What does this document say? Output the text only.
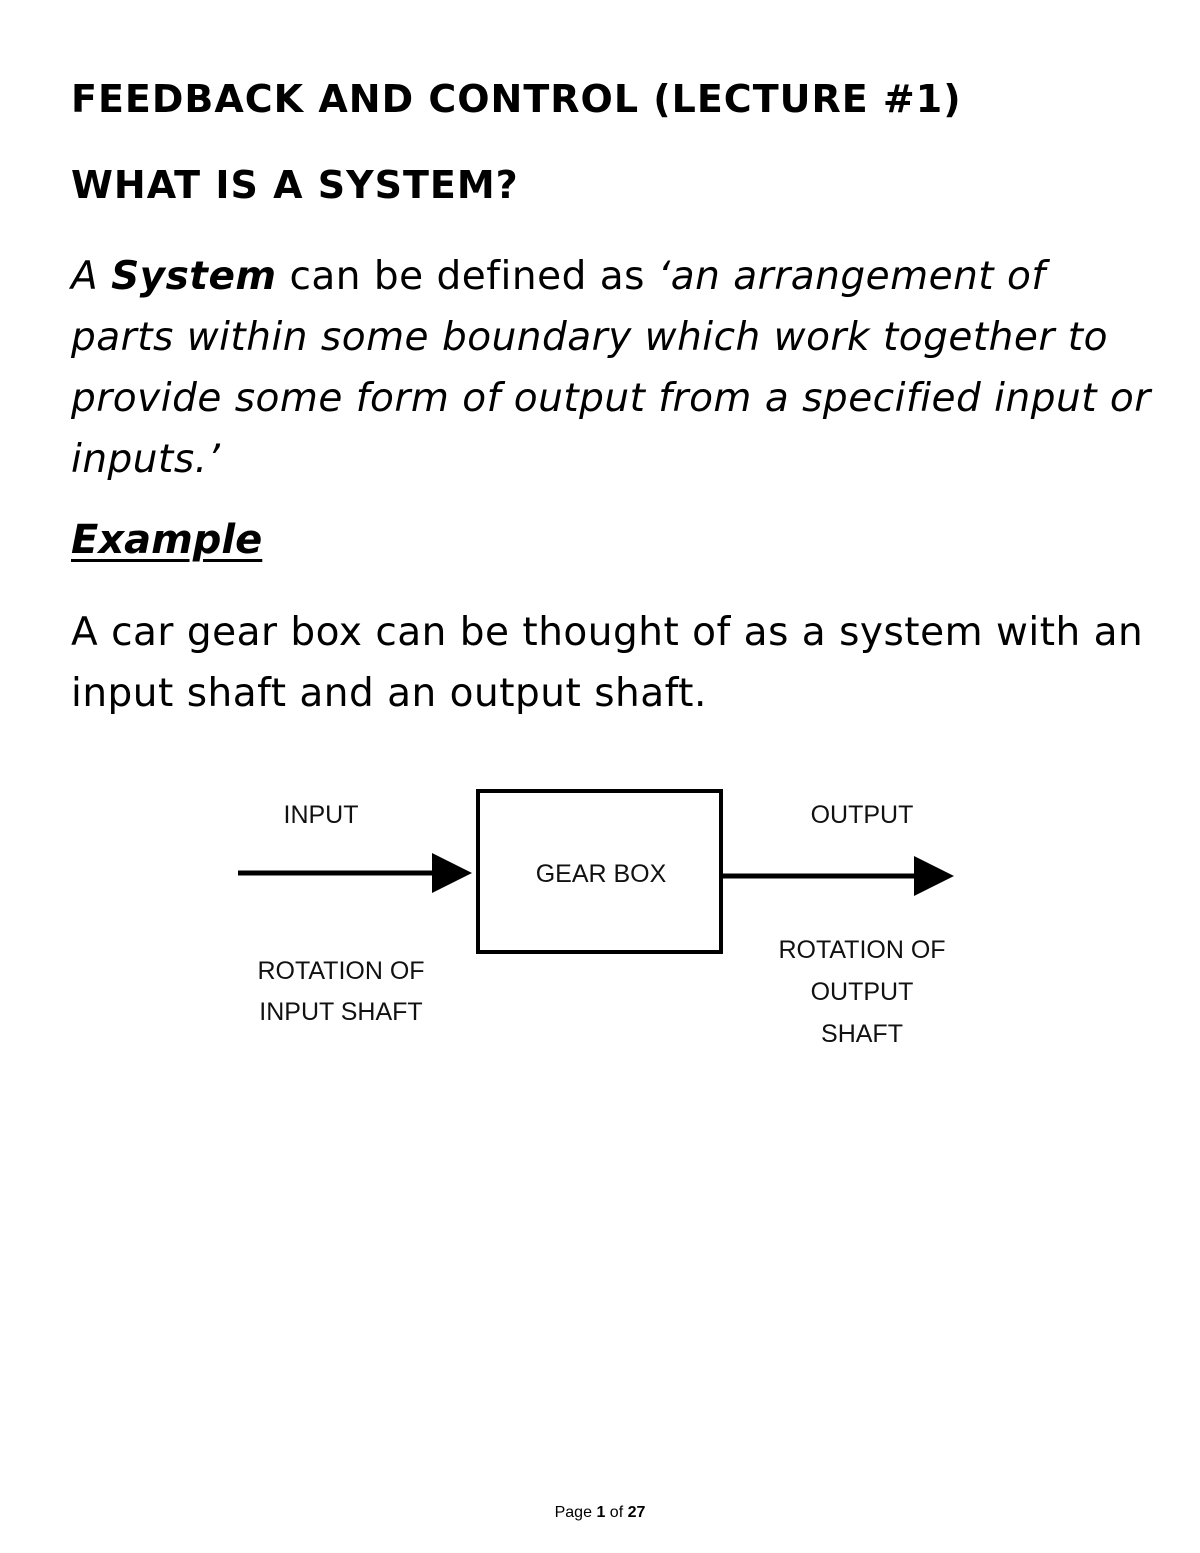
FEEDBACK AND CONTROL (LECTURE #1)
WHAT IS A SYSTEM?

A System can be defined as ‘an arrangement of parts within some boundary which work together to provide some form of output from a specified input or inputs.’

Example

A car gear box can be thought of as a system with an input shaft and an output shaft.

INPUT
GEAR BOX
OUTPUT
ROTATION OF
INPUT SHAFT
ROTATION OF
OUTPUT
SHAFT
Page 1 of 27
